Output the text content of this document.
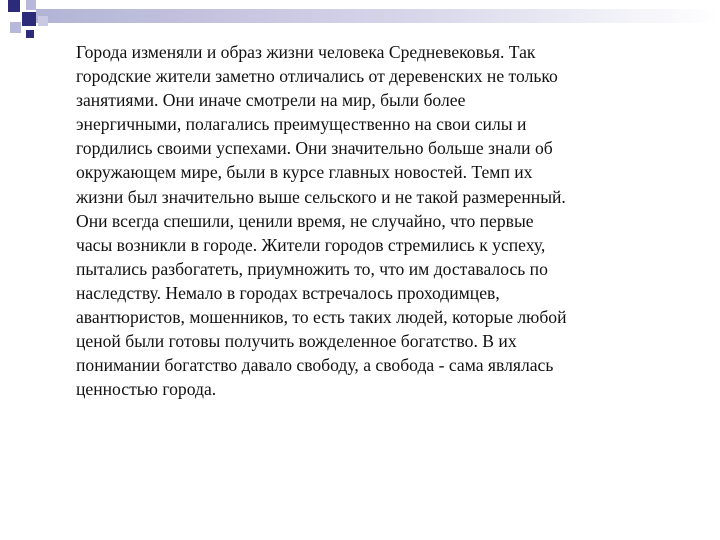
Города изменяли и образ жизни человека Средневековья. Так

городские жители заметно отличались от деревенских не только

занятиями. Они иначе смотрели на мир, были более

энергичными, полагались преимущественно на свои силы и

гордились своими успехами. Они значительно больше знали об

окружающем мире, были в курсе главных новостей. Темп их

жизни был значительно выше сельского и не такой размеренный.

Они всегда спешили, ценили время, не случайно, что первые

часы возникли в городе. Жители городов стремились к успеху,

пытались разбогатеть, приумножить то, что им доставалось по

наследству. Немало в городах встречалось проходимцев,

авантюристов, мошенников, то есть таких людей, которые любой

ценой были готовы получить вожделенное богатство. В их

понимании богатство давало свободу, а свобода - сама являлась

ценностью города.
